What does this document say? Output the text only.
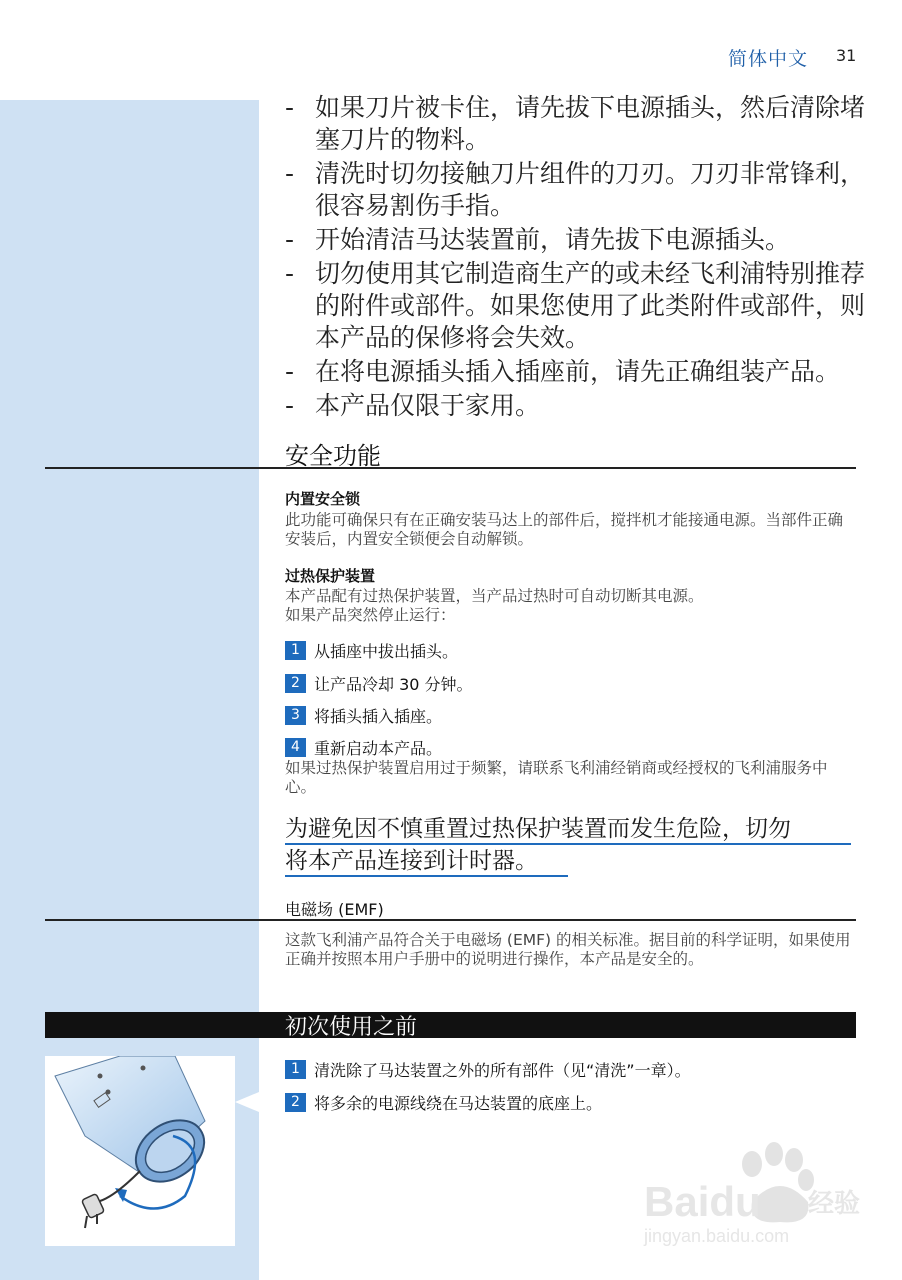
简体中文 31
- 如果刀片被卡住，请先拔下电源插头，然后清除堵塞刀片的物料。
- 清洗时切勿接触刀片组件的刀刃。刀刃非常锋利，很容易割伤手指。
- 开始清洁马达装置前，请先拔下电源插头。
- 切勿使用其它制造商生产的或未经飞利浦特别推荐的附件或部件。如果您使用了此类附件或部件，则本产品的保修将会失效。
- 在将电源插头插入插座前，请先正确组装产品。
- 本产品仅限于家用。
安全功能
内置安全锁
此功能可确保只有在正确安装马达上的部件后，搅拌机才能接通电源。当部件正确安装后，内置安全锁便会自动解锁。
过热保护装置
本产品配有过热保护装置，当产品过热时可自动切断其电源。
如果产品突然停止运行：
1 从插座中拔出插头。
2 让产品冷却 30 分钟。
3 将插头插入插座。
4 重新启动本产品。
如果过热保护装置启用过于频繁，请联系飞利浦经销商或经授权的飞利浦服务中心。
为避免因不慎重置过热保护装置而发生危险，切勿
将本产品连接到计时器。
电磁场 (EMF)
这款飞利浦产品符合关于电磁场 (EMF) 的相关标准。据目前的科学证明，如果使用正确并按照本用户手册中的说明进行操作，本产品是安全的。
初次使用之前
1 清洗除了马达装置之外的所有部件（见“清洗”一章）。
2 将多余的电源线绕在马达装置的底座上。
Baidu 经验
jingyan.baidu.com
